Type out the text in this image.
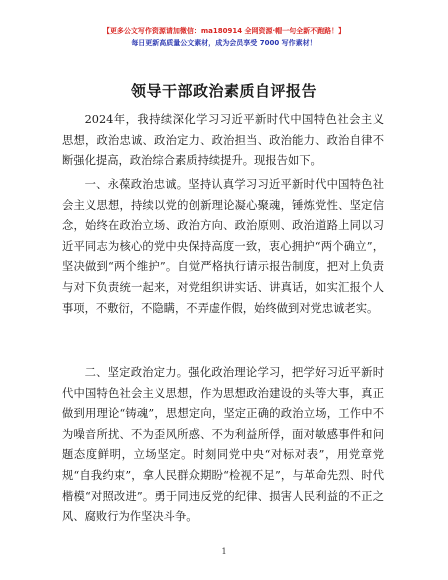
【更多公文写作资源请加微信：ma180914 全网资源·帽一句全新不跑路！】
每日更新高质量公文素材，成为会员享受 7000 写作素材！
领导干部政治素质自评报告

2024年，我持续深化学习习近平新时代中国特色社会主义思想，政治忠诚、政治定力、政治担当、政治能力、政治自律不断强化提高，政治综合素质持续提升。现报告如下。

一、永葆政治忠诚。坚持认真学习习近平新时代中国特色社会主义思想，持续以党的创新理论凝心聚魂，锤炼党性、坚定信念，始终在政治立场、政治方向、政治原则、政治道路上同以习近平同志为核心的党中央保持高度一致，衷心拥护“两个确立”，坚决做到“两个维护”。自觉严格执行请示报告制度，把对上负责与对下负责统一起来，对党组织讲实话、讲真话，如实汇报个人事项，不敷衍，不隐瞒，不弄虚作假，始终做到对党忠诚老实。

二、坚定政治定力。强化政治理论学习，把学好习近平新时代中国特色社会主义思想，作为思想政治建设的头等大事，真正做到用理论“铸魂”，思想定向，坚定正确的政治立场，工作中不为噪音所扰、不为歪风所惑、不为利益所俘，面对敏感事件和问题态度鲜明，立场坚定。时刻同党中央“对标对表”，用党章党规“自我约束”，拿人民群众期盼“检视不足”，与革命先烈、时代楷模“对照改进”。勇于同违反党的纪律、损害人民利益的不正之风、腐败行为作坚决斗争。

1
